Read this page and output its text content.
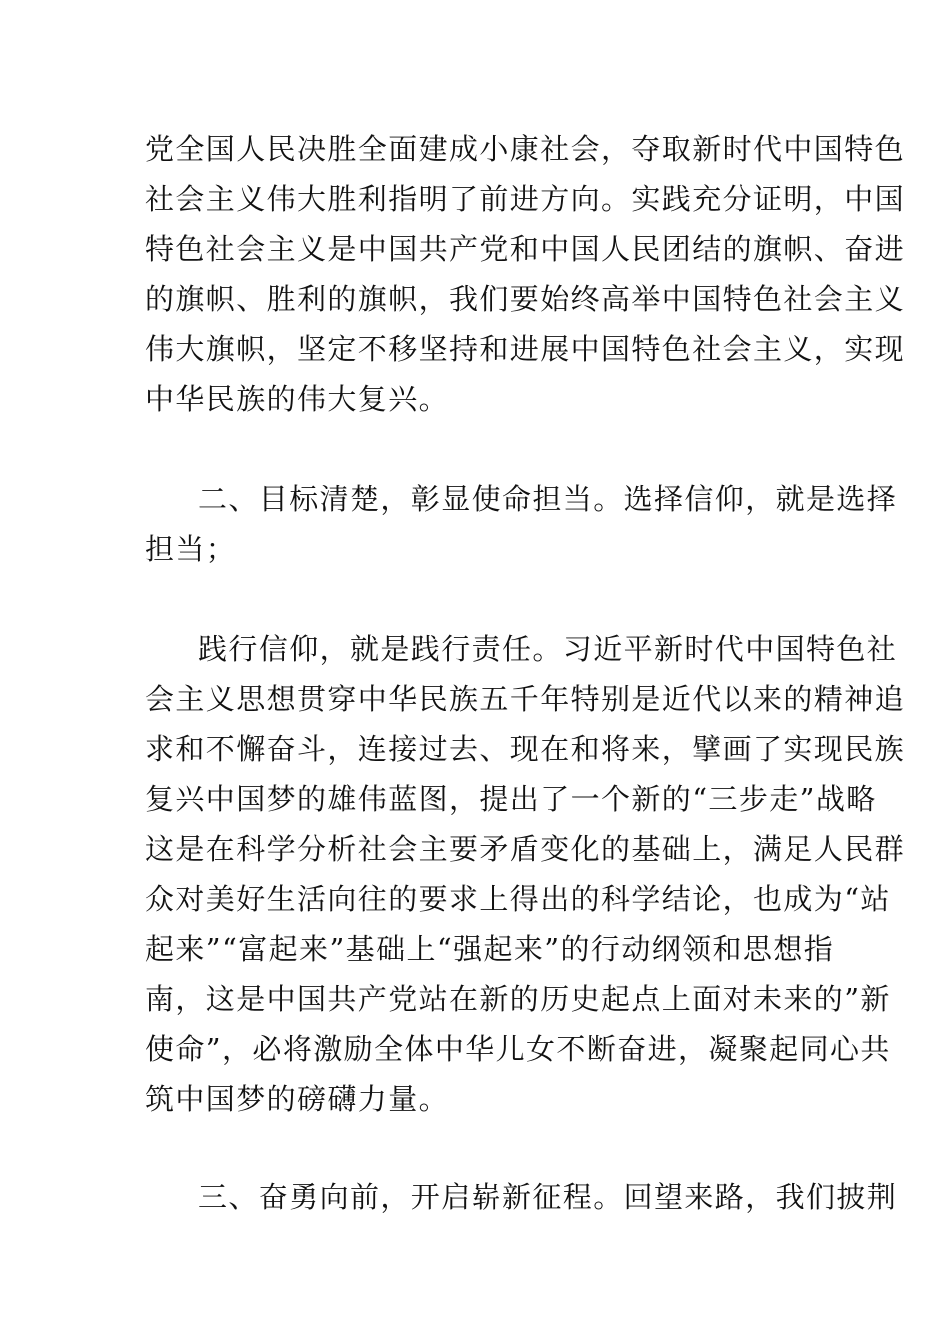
党全国人民决胜全面建成小康社会，夺取新时代中国特色
社会主义伟大胜利指明了前进方向。实践充分证明，中国
特色社会主义是中国共产党和中国人民团结的旗帜、奋进
的旗帜、胜利的旗帜，我们要始终高举中国特色社会主义
伟大旗帜，坚定不移坚持和进展中国特色社会主义，实现
中华民族的伟大复兴。
二、目标清楚，彰显使命担当。选择信仰，就是选择
担当；
践行信仰，就是践行责任。习近平新时代中国特色社
会主义思想贯穿中华民族五千年特别是近代以来的精神追
求和不懈奋斗，连接过去、现在和将来，擘画了实现民族
复兴中国梦的雄伟蓝图，提出了一个新的“三步走”战略
这是在科学分析社会主要矛盾变化的基础上，满足人民群
众对美好生活向往的要求上得出的科学结论，也成为“站
起来”“富起来”基础上“强起来”的行动纲领和思想指
南，这是中国共产党站在新的历史起点上面对未来的”新
使命”，必将激励全体中华儿女不断奋进，凝聚起同心共
筑中国梦的磅礴力量。
三、奋勇向前，开启崭新征程。回望来路，我们披荆
